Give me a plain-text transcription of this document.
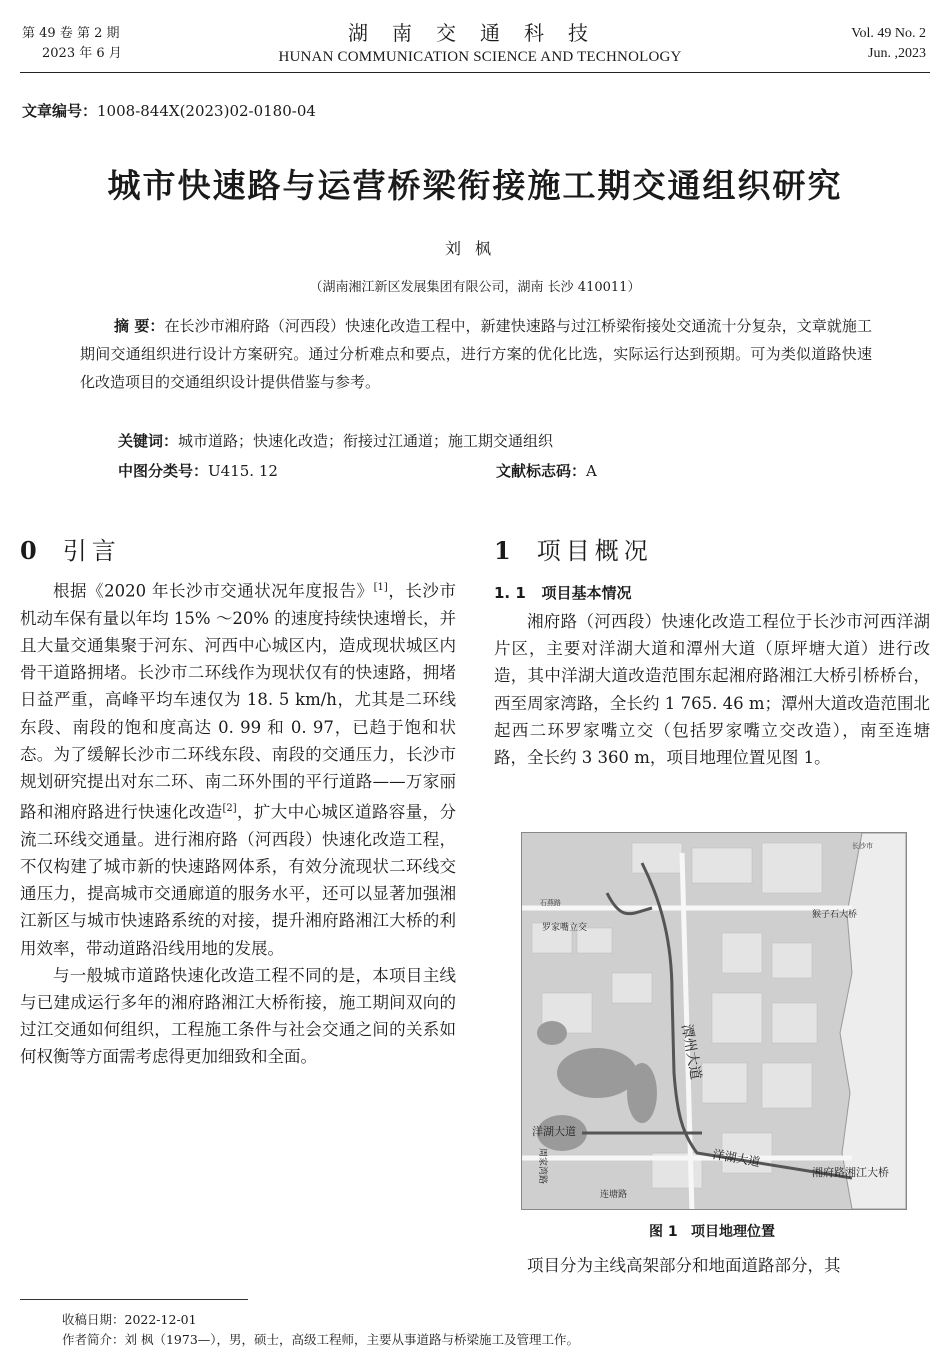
第 49 卷 第 2 期
2023 年 6 月
湖南交通科技
HUNAN COMMUNICATION SCIENCE AND TECHNOLOGY
Vol. 49 No. 2
Jun. ,2023
文章编号：1008-844X(2023)02-0180-04
城市快速路与运营桥梁衔接施工期交通组织研究
刘枫
（湖南湘江新区发展集团有限公司，湖南 长沙 410011）
摘 要：在长沙市湘府路（河西段）快速化改造工程中，新建快速路与过江桥梁衔接处交通流十分复杂，文章就施工期间交通组织进行设计方案研究。通过分析难点和要点，进行方案的优化比选，实际运行达到预期。可为类似道路快速化改造项目的交通组织设计提供借鉴与参考。
关键词：城市道路；快速化改造；衔接过江通道；施工期交通组织
中图分类号：U415. 12	文献标志码：A
0 引言

根据《2020 年长沙市交通状况年度报告》[1]，长沙市机动车保有量以年均 15% ～20% 的速度持续快速增长，并且大量交通集聚于河东、河西中心城区内，造成现状城区内骨干道路拥堵。长沙市二环线作为现状仅有的快速路，拥堵日益严重，高峰平均车速仅为 18. 5 km/h，尤其是二环线东段、南段的饱和度高达 0. 99 和 0. 97，已趋于饱和状态。为了缓解长沙市二环线东段、南段的交通压力，长沙市规划研究提出对东二环、南二环外围的平行道路——万家丽路和湘府路进行快速化改造[2]，扩大中心城区道路容量，分流二环线交通量。进行湘府路（河西段）快速化改造工程，不仅构建了城市新的快速路网体系，有效分流现状二环线交通压力，提高城市交通廊道的服务水平，还可以显著加强湘江新区与城市快速路系统的对接，提升湘府路湘江大桥的利用效率，带动道路沿线用地的发展。

与一般城市道路快速化改造工程不同的是，本项目主线与已建成运行多年的湘府路湘江大桥衔接，施工期间双向的过江交通如何组织，工程施工条件与社会交通之间的关系如何权衡等方面需考虑得更加细致和全面。

1 项目概况
1. 1 项目基本情况

湘府路（河西段）快速化改造工程位于长沙市河西洋湖片区，主要对洋湖大道和潭州大道（原坪塘大道）进行改造，其中洋湖大道改造范围东起湘府路湘江大桥引桥桥台，西至周家湾路，全长约 1 765. 46 m；潭州大道改造范围北起西二环罗家嘴立交（包括罗家嘴立交改造），南至连塘路，全长约 3 360 m，项目地理位置见图 1。

长沙市
罗家嘴立交
猴子石大桥
石燕路
潭州大道
洋湖大道
洋湖大道
周家湾路
连塘路
湘府路湘江大桥
图 1 项目地理位置
项目分为主线高架部分和地面道路部分，其
收稿日期：2022-12-01
作者简介：刘 枫（1973—），男，硕士，高级工程师，主要从事道路与桥梁施工及管理工作。
